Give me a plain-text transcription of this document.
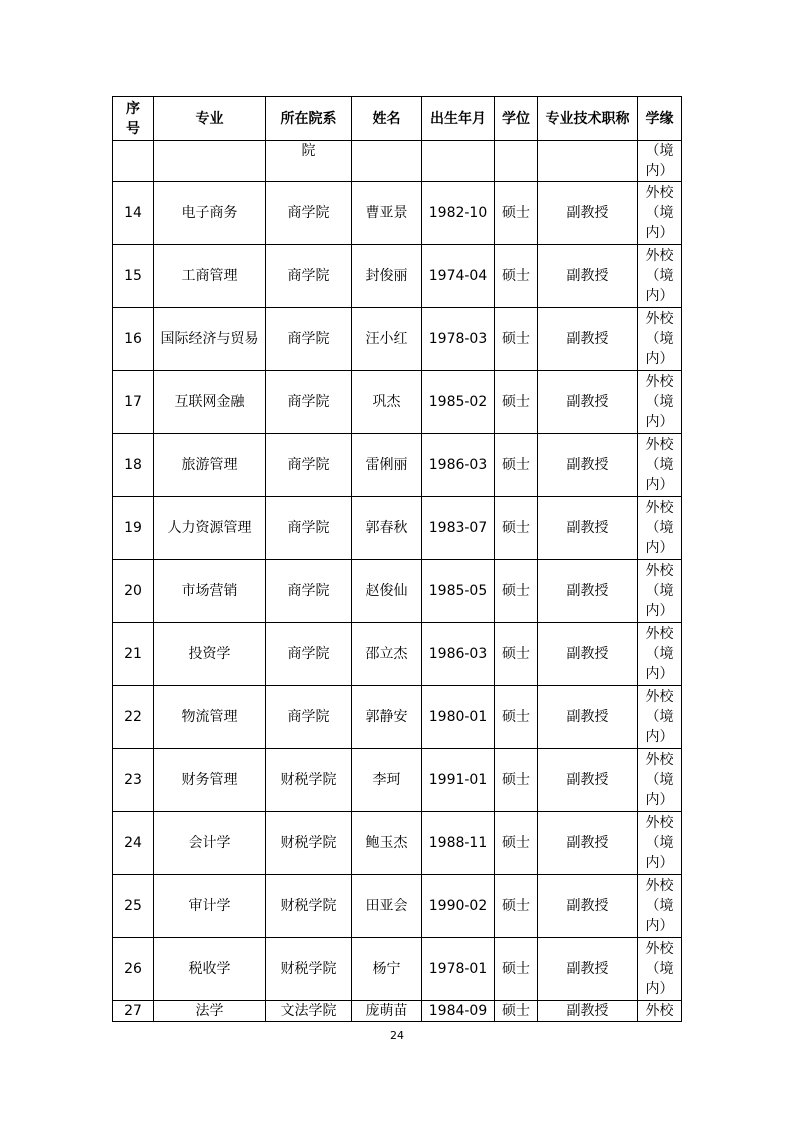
序号	专业	所在院系	姓名	出生年月	学位	专业技术职称	学缘
		院					（境
内）
14	电子商务	商学院	曹亚景	1982-10	硕士	副教授	外校
（境
内）
15	工商管理	商学院	封俊丽	1974-04	硕士	副教授	外校
（境
内）
16	国际经济与贸易	商学院	汪小红	1978-03	硕士	副教授	外校
（境
内）
17	互联网金融	商学院	巩杰	1985-02	硕士	副教授	外校
（境
内）
18	旅游管理	商学院	雷俐丽	1986-03	硕士	副教授	外校
（境
内）
19	人力资源管理	商学院	郭春秋	1983-07	硕士	副教授	外校
（境
内）
20	市场营销	商学院	赵俊仙	1985-05	硕士	副教授	外校
（境
内）
21	投资学	商学院	邵立杰	1986-03	硕士	副教授	外校
（境
内）
22	物流管理	商学院	郭静安	1980-01	硕士	副教授	外校
（境
内）
23	财务管理	财税学院	李珂	1991-01	硕士	副教授	外校
（境
内）
24	会计学	财税学院	鲍玉杰	1988-11	硕士	副教授	外校
（境
内）
25	审计学	财税学院	田亚会	1990-02	硕士	副教授	外校
（境
内）
26	税收学	财税学院	杨宁	1978-01	硕士	副教授	外校
（境
内）
27	法学	文法学院	庞萌苗	1984-09	硕士	副教授	外校
24
